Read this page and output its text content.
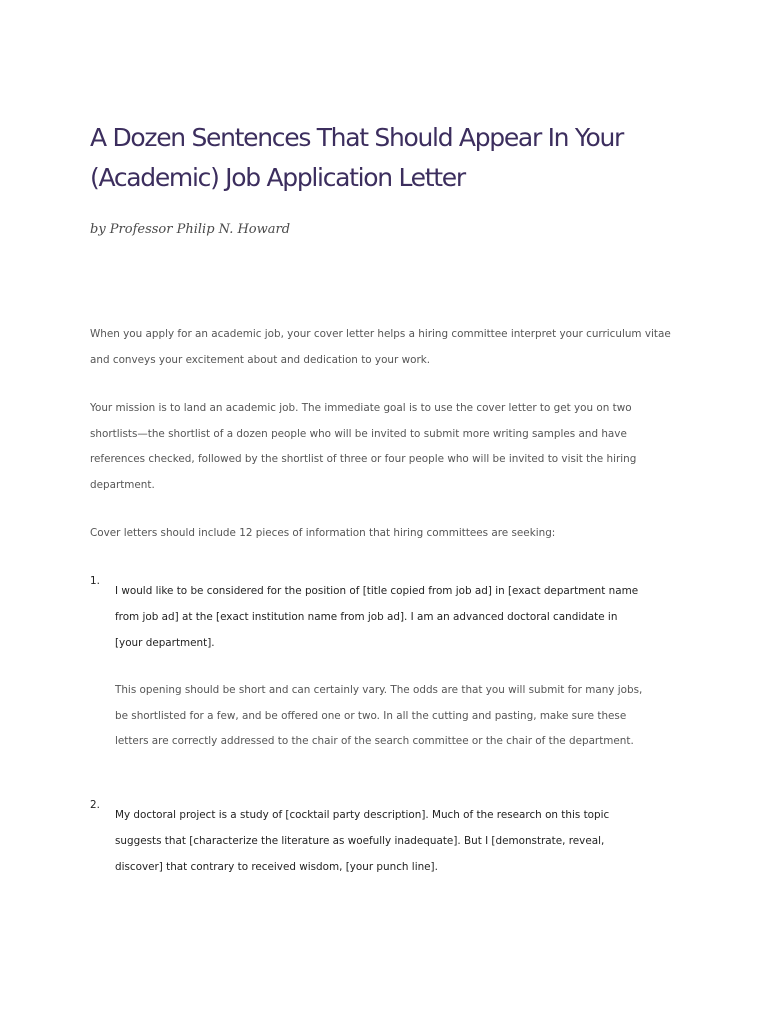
A Dozen Sentences That Should Appear In Your (Academic) Job Application Letter

by Professor Philip N. Howard

When you apply for an academic job, your cover letter helps a hiring committee interpret your curriculum vitae and conveys your excitement about and dedication to your work.

Your mission is to land an academic job. The immediate goal is to use the cover letter to get you on two shortlists—the shortlist of a dozen people who will be invited to submit more writing samples and have references checked, followed by the shortlist of three or four people who will be invited to visit the hiring department.

Cover letters should include 12 pieces of information that hiring committees are seeking:

1.

I would like to be considered for the position of [title copied from job ad] in [exact department name from job ad] at the [exact institution name from job ad]. I am an advanced doctoral candidate in [your department].

This opening should be short and can certainly vary. The odds are that you will submit for many jobs, be shortlisted for a few, and be offered one or two. In all the cutting and pasting, make sure these letters are correctly addressed to the chair of the search committee or the chair of the department.

2.

My doctoral project is a study of [cocktail party description]. Much of the research on this topic suggests that [characterize the literature as woefully inadequate]. But I [demonstrate, reveal, discover] that contrary to received wisdom, [your punch line].
